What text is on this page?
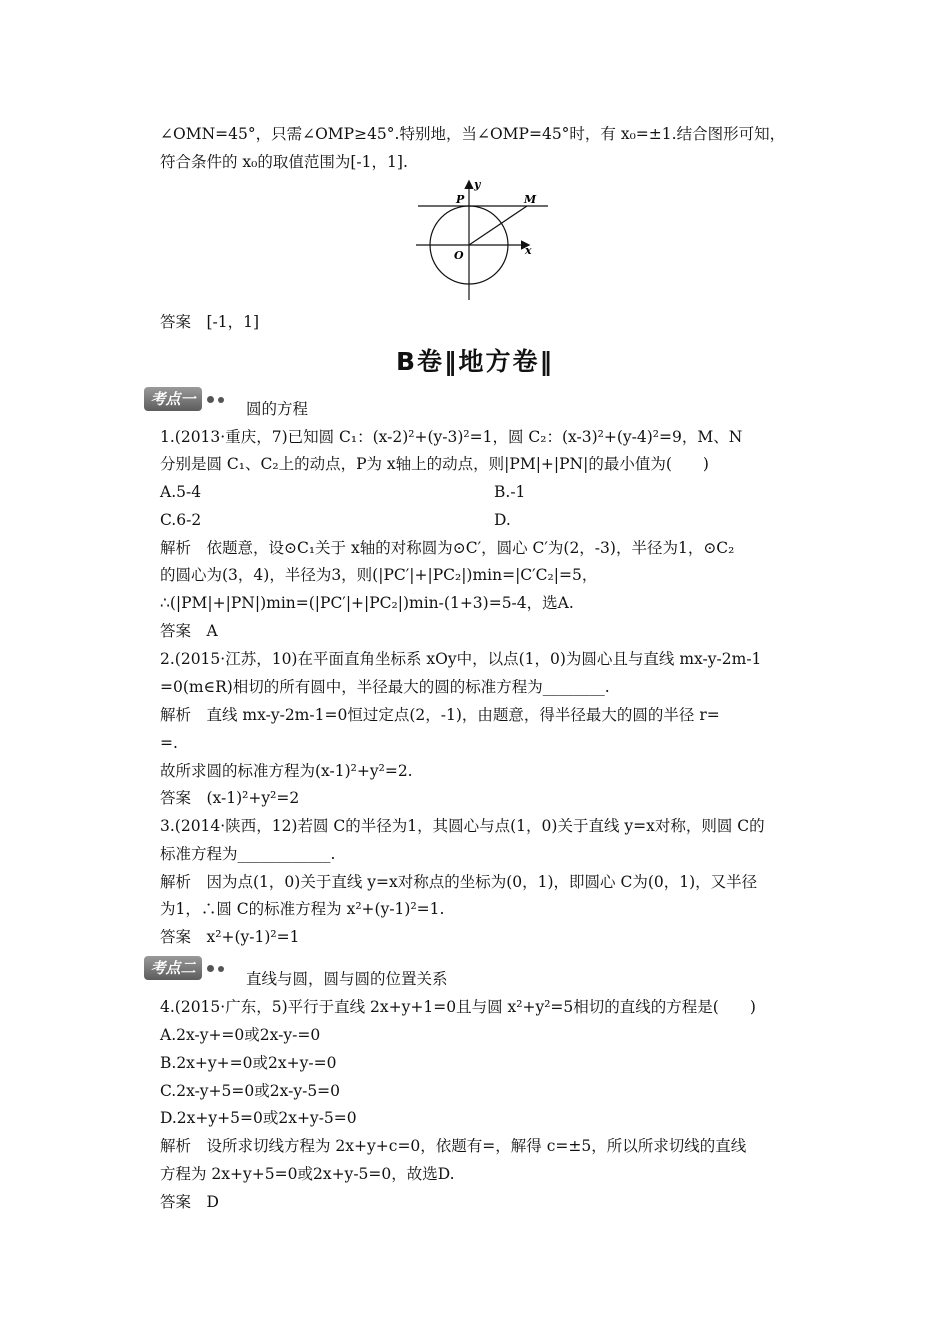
∠OMN=45°，只需∠OMP≥45°.特别地，当∠OMP=45°时，有 x₀=±1.结合图形可知，
符合条件的 x₀的取值范围为[-1，1].
y
P	M
O	x
答案　[-1，1]
B卷‖地方卷‖
考点一
圆的方程
1.(2013·重庆，7)已知圆 C₁：(x-2)²+(y-3)²=1，圆 C₂：(x-3)²+(y-4)²=9，M、N
分别是圆 C₁、C₂上的动点，P为 x轴上的动点，则|PM|+|PN|的最小值为(　　)
A.5-4	B.-1
C.6-2	D.
解析　依题意，设⊙C₁关于 x轴的对称圆为⊙C′，圆心 C′为(2，-3)，半径为1，⊙C₂
的圆心为(3，4)，半径为3，则(|PC′|+|PC₂|)min=|C′C₂|=5，
∴(|PM|+|PN|)min=(|PC′|+|PC₂|)min-(1+3)=5-4，选A.
答案　A
2.(2015·江苏，10)在平面直角坐标系 xOy中，以点(1，0)为圆心且与直线 mx-y-2m-1
=0(m∈R)相切的所有圆中，半径最大的圆的标准方程为________.
解析　直线 mx-y-2m-1=0恒过定点(2，-1)，由题意，得半径最大的圆的半径 r=
=.
故所求圆的标准方程为(x-1)²+y²=2.
答案　(x-1)²+y²=2
3.(2014·陕西，12)若圆 C的半径为1，其圆心与点(1，0)关于直线 y=x对称，则圆 C的
标准方程为____________.
解析　因为点(1，0)关于直线 y=x对称点的坐标为(0，1)，即圆心 C为(0，1)，又半径
为1，∴圆 C的标准方程为 x²+(y-1)²=1.
答案　x²+(y-1)²=1
考点二
直线与圆，圆与圆的位置关系
4.(2015·广东，5)平行于直线 2x+y+1=0且与圆 x²+y²=5相切的直线的方程是(　　)
A.2x-y+=0或2x-y-=0
B.2x+y+=0或2x+y-=0
C.2x-y+5=0或2x-y-5=0
D.2x+y+5=0或2x+y-5=0
解析　设所求切线方程为 2x+y+c=0，依题有=，解得 c=±5，所以所求切线的直线
方程为 2x+y+5=0或2x+y-5=0，故选D.
答案　D
